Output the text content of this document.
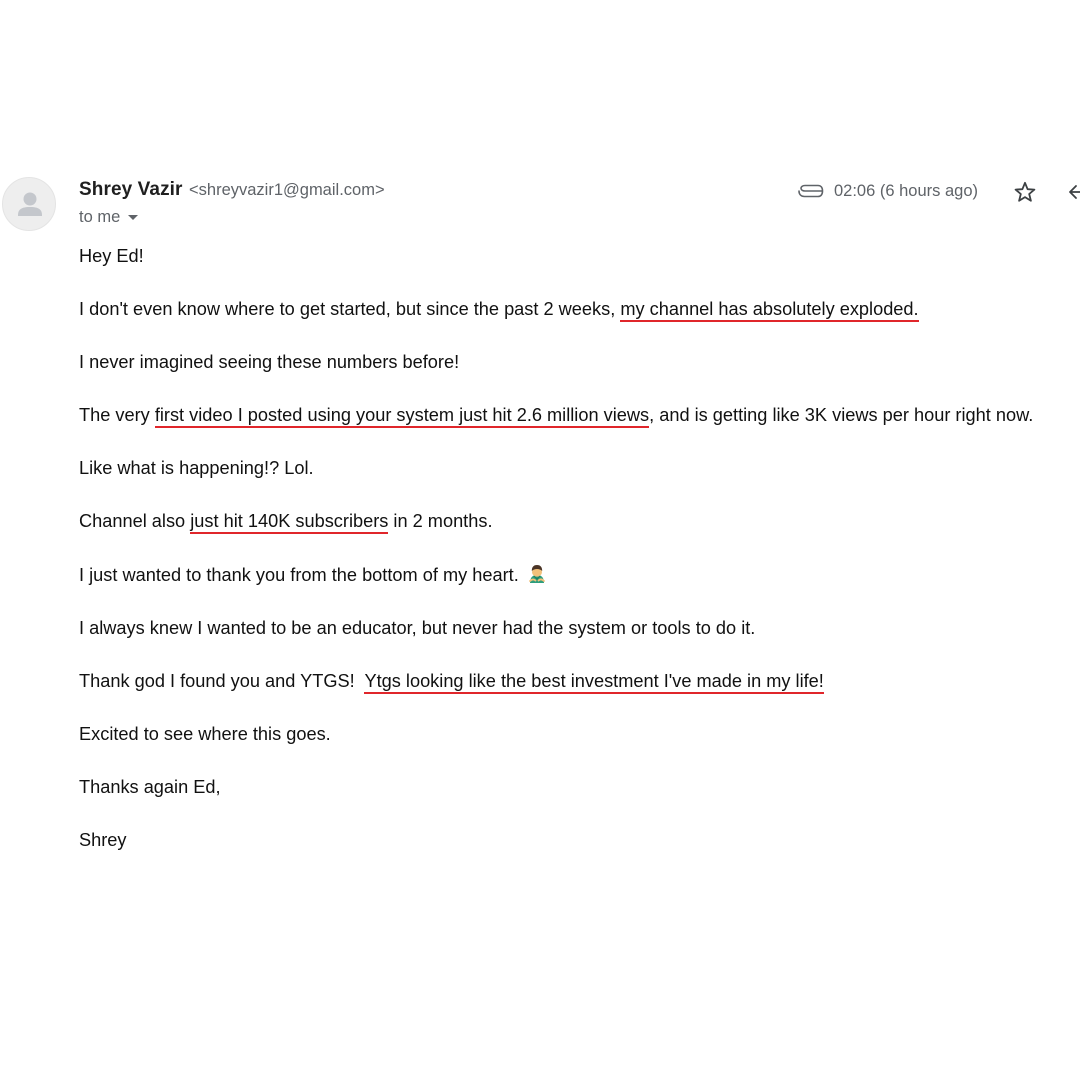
Shrey Vazir <shreyvazir1@gmail.com>
to me
02:06 (6 hours ago)

Hey Ed!

I don't even know where to get started, but since the past 2 weeks, my channel has absolutely exploded.

I never imagined seeing these numbers before!

The very first video I posted using your system just hit 2.6 million views, and is getting like 3K views per hour right now.

Like what is happening!? Lol.

Channel also just hit 140K subscribers in 2 months.

I just wanted to thank you from the bottom of my heart.

I always knew I wanted to be an educator, but never had the system or tools to do it.

Thank god I found you and YTGS!  Ytgs looking like the best investment I've made in my life!

Excited to see where this goes.

Thanks again Ed,

Shrey
